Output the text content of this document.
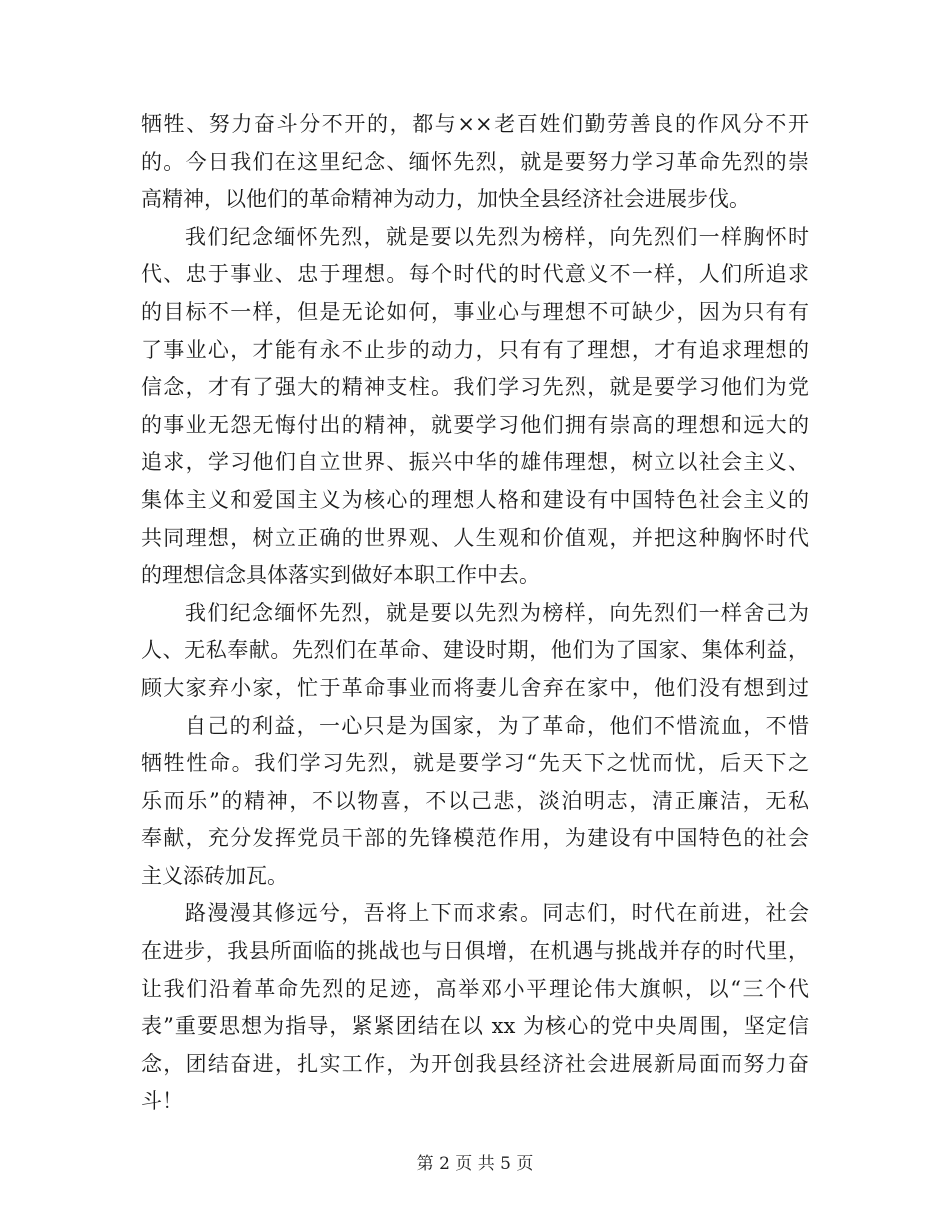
牺牲、努力奋斗分不开的，都与××老百姓们勤劳善良的作风分不开
的。今日我们在这里纪念、缅怀先烈，就是要努力学习革命先烈的崇
高精神，以他们的革命精神为动力，加快全县经济社会进展步伐。
我们纪念缅怀先烈，就是要以先烈为榜样，向先烈们一样胸怀时
代、忠于事业、忠于理想。每个时代的时代意义不一样，人们所追求
的目标不一样，但是无论如何，事业心与理想不可缺少，因为只有有
了事业心，才能有永不止步的动力，只有有了理想，才有追求理想的
信念，才有了强大的精神支柱。我们学习先烈，就是要学习他们为党
的事业无怨无悔付出的精神，就要学习他们拥有崇高的理想和远大的
追求，学习他们自立世界、振兴中华的雄伟理想，树立以社会主义、
集体主义和爱国主义为核心的理想人格和建设有中国特色社会主义的
共同理想，树立正确的世界观、人生观和价值观，并把这种胸怀时代
的理想信念具体落实到做好本职工作中去。
我们纪念缅怀先烈，就是要以先烈为榜样，向先烈们一样舍己为
人、无私奉献。先烈们在革命、建设时期，他们为了国家、集体利益，
顾大家弃小家，忙于革命事业而将妻儿舍弃在家中，他们没有想到过
自己的利益，一心只是为国家，为了革命，他们不惜流血，不惜
牺牲性命。我们学习先烈，就是要学习“先天下之忧而忧，后天下之
乐而乐”的精神，不以物喜，不以己悲，淡泊明志，清正廉洁，无私
奉献，充分发挥党员干部的先锋模范作用，为建设有中国特色的社会
主义添砖加瓦。
路漫漫其修远兮，吾将上下而求索。同志们，时代在前进，社会
在进步，我县所面临的挑战也与日俱增，在机遇与挑战并存的时代里，
让我们沿着革命先烈的足迹，高举邓小平理论伟大旗帜，以“三个代
表”重要思想为指导，紧紧团结在以 xx 为核心的党中央周围，坚定信
念，团结奋进，扎实工作，为开创我县经济社会进展新局面而努力奋
斗！
第 2 页 共 5 页
